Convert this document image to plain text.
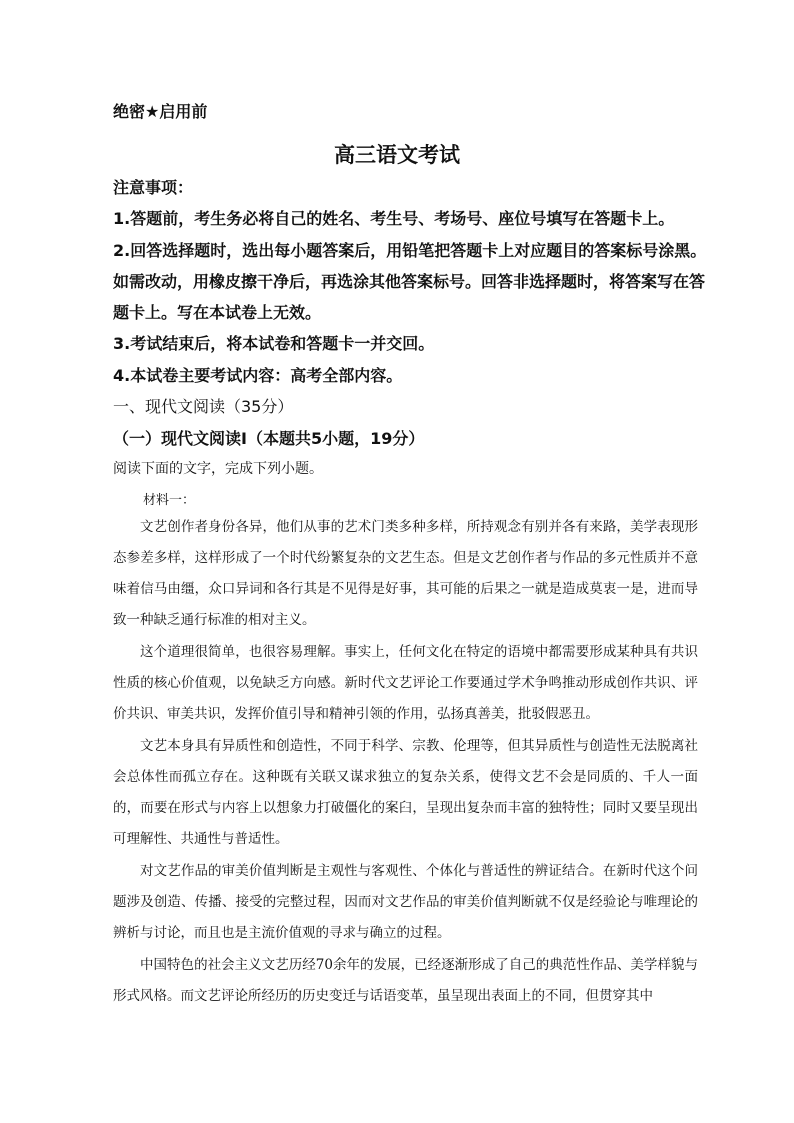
绝密★启用前
高三语文考试
注意事项：
1.答题前，考生务必将自己的姓名、考生号、考场号、座位号填写在答题卡上。
2.回答选择题时，选出每小题答案后，用铅笔把答题卡上对应题目的答案标号涂黑。
如需改动，用橡皮擦干净后，再选涂其他答案标号。回答非选择题时，将答案写在答
题卡上。写在本试卷上无效。
3.考试结束后，将本试卷和答题卡一并交回。
4.本试卷主要考试内容：高考全部内容。
一、现代文阅读（35分）
（一）现代文阅读Ⅰ（本题共5小题，19分）
阅读下面的文字，完成下列小题。
材料一：

文艺创作者身份各异，他们从事的艺术门类多种多样，所持观念有别并各有来路，美学表现形态参差多样，这样形成了一个时代纷繁复杂的文艺生态。但是文艺创作者与作品的多元性质并不意味着信马由缰，众口异词和各行其是不见得是好事，其可能的后果之一就是造成莫衷一是，进而导致一种缺乏通行标准的相对主义。

这个道理很简单，也很容易理解。事实上，任何文化在特定的语境中都需要形成某种具有共识性质的核心价值观，以免缺乏方向感。新时代文艺评论工作要通过学术争鸣推动形成创作共识、评价共识、审美共识，发挥价值引导和精神引领的作用，弘扬真善美，批驳假恶丑。

文艺本身具有异质性和创造性，不同于科学、宗教、伦理等，但其异质性与创造性无法脱离社会总体性而孤立存在。这种既有关联又谋求独立的复杂关系，使得文艺不会是同质的、千人一面的，而要在形式与内容上以想象力打破僵化的案臼，呈现出复杂而丰富的独特性；同时又要呈现出可理解性、共通性与普适性。

对文艺作品的审美价值判断是主观性与客观性、个体化与普适性的辨证结合。在新时代这个问题涉及创造、传播、接受的完整过程，因而对文艺作品的审美价值判断就不仅是经验论与唯理论的辨析与讨论，而且也是主流价值观的寻求与确立的过程。

中国特色的社会主义文艺历经70余年的发展，已经逐渐形成了自己的典范性作品、美学样貌与形式风格。而文艺评论所经历的历史变迁与话语变革，虽呈现出表面上的不同，但贯穿其中
